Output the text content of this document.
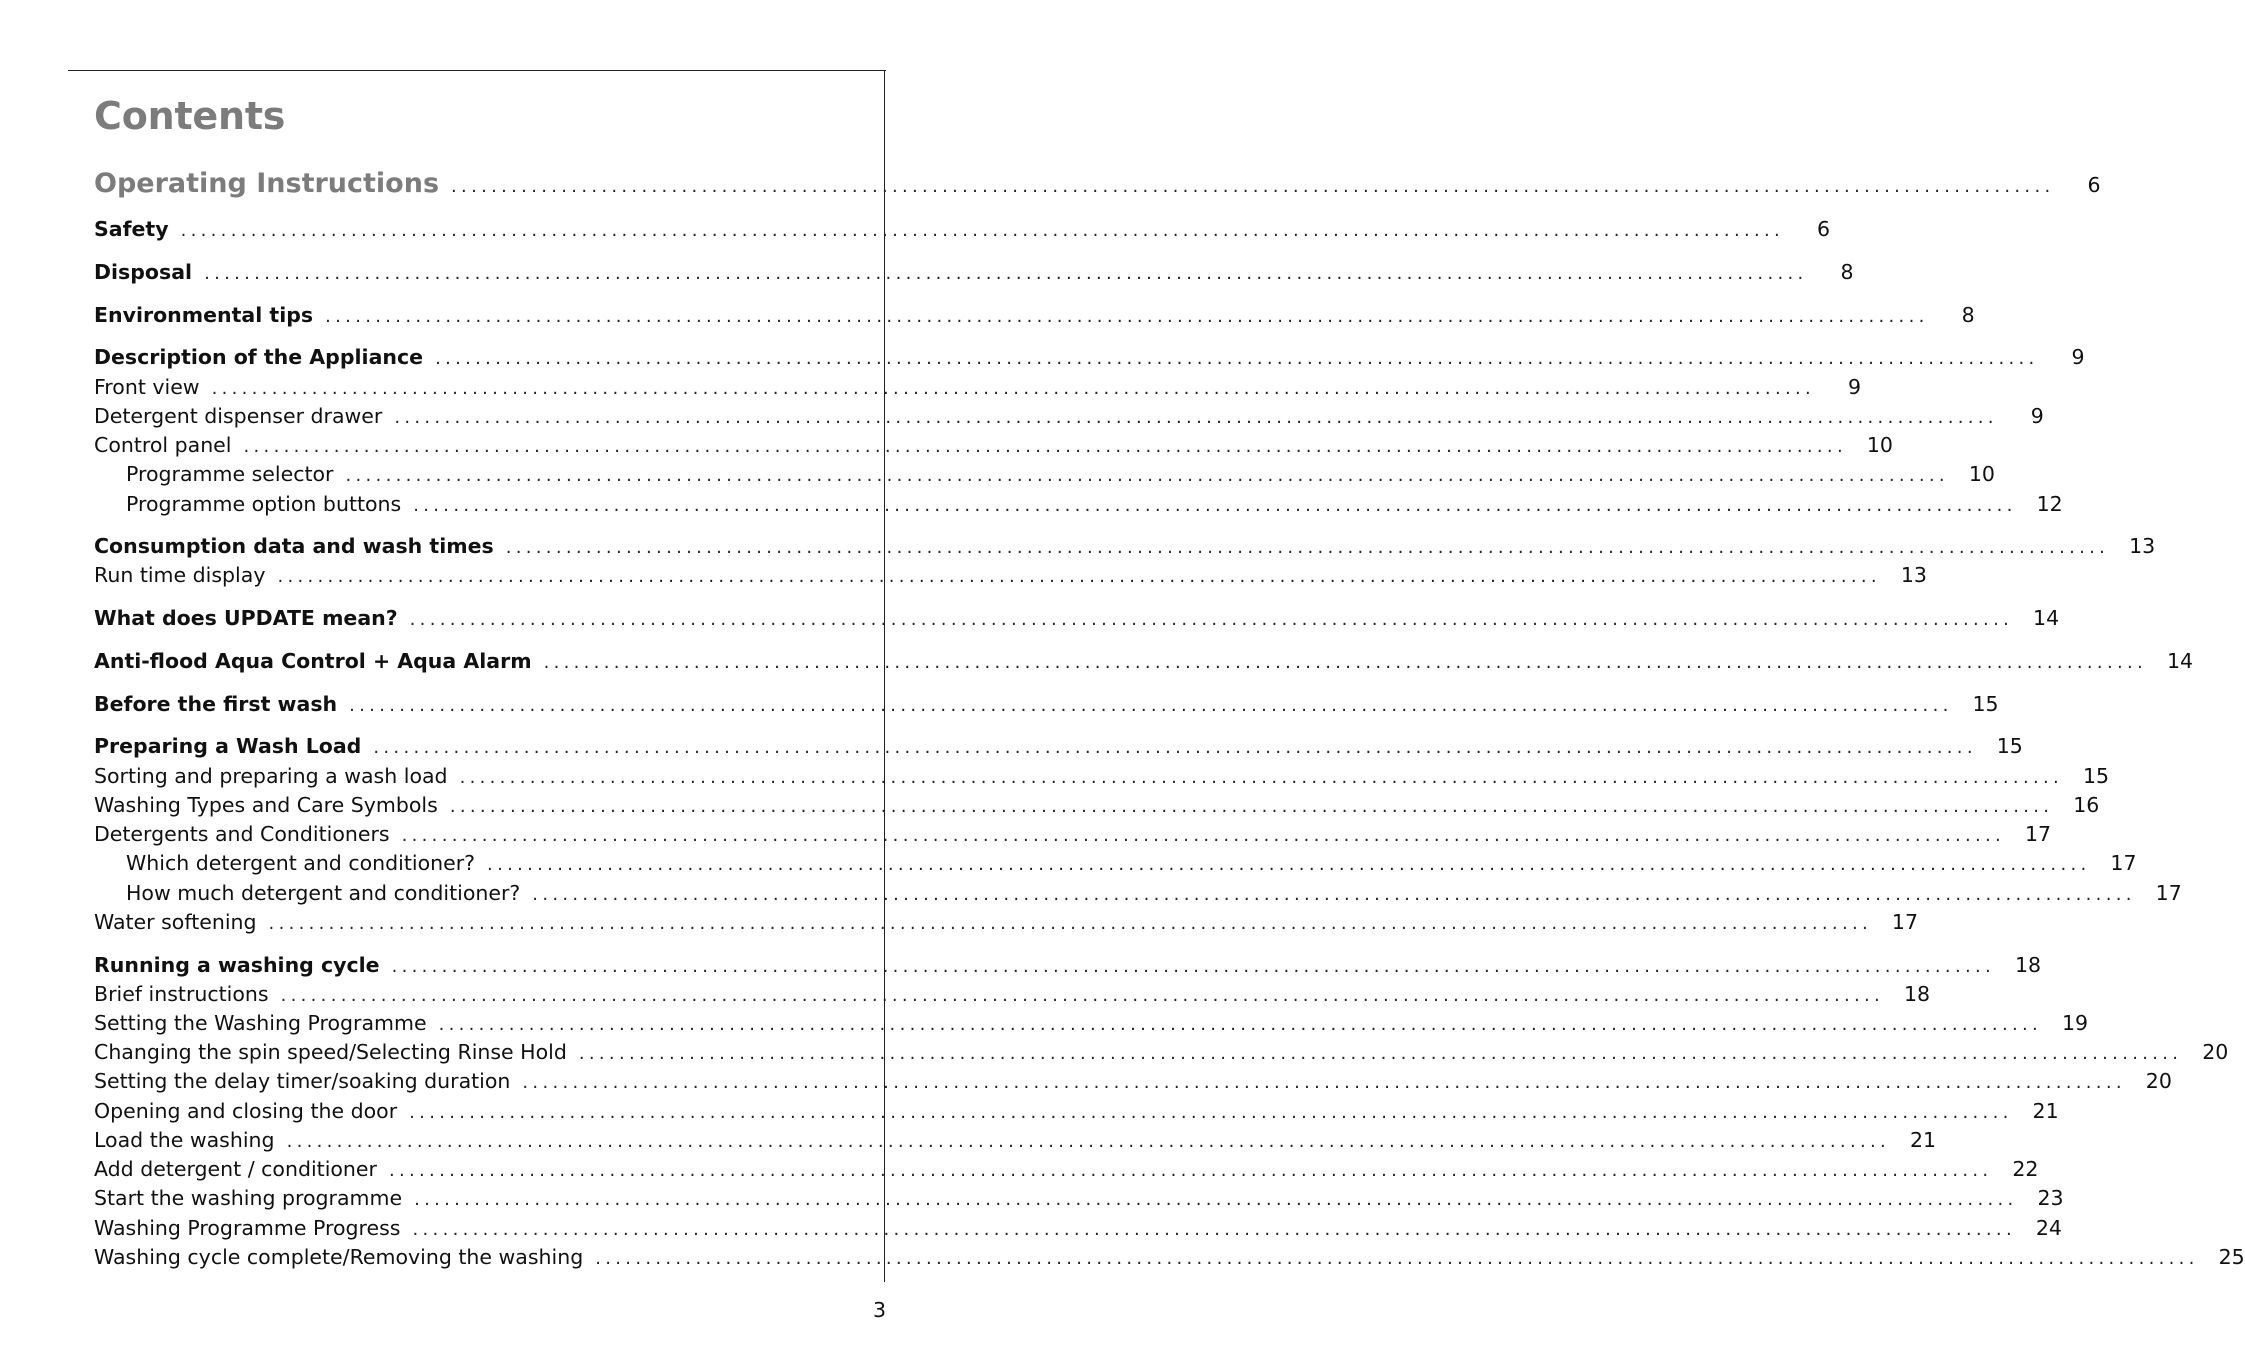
Contents
Operating Instructions ................................................................................................................................................................	6
Safety ................................................................................................................................................................	6
Disposal ................................................................................................................................................................	8
Environmental tips ................................................................................................................................................................	8
Description of the Appliance ................................................................................................................................................................	9
Front view ................................................................................................................................................................	9
Detergent dispenser drawer ................................................................................................................................................................	9
Control panel ................................................................................................................................................................ 10
Programme selector ................................................................................................................................................................ 10
Programme option buttons ................................................................................................................................................................ 12
Consumption data and wash times ................................................................................................................................................................ 13
Run time display ................................................................................................................................................................ 13
What does UPDATE mean? ................................................................................................................................................................ 14
Anti-flood Aqua Control + Aqua Alarm ................................................................................................................................................................ 14
Before the first wash ................................................................................................................................................................ 15
Preparing a Wash Load ................................................................................................................................................................ 15
Sorting and preparing a wash load ................................................................................................................................................................ 15
Washing Types and Care Symbols ................................................................................................................................................................ 16
Detergents and Conditioners ................................................................................................................................................................ 17
Which detergent and conditioner? ................................................................................................................................................................ 17
How much detergent and conditioner? ................................................................................................................................................................ 17
Water softening ................................................................................................................................................................ 17
Running a washing cycle ................................................................................................................................................................ 18
Brief instructions ................................................................................................................................................................ 18
Setting the Washing Programme ................................................................................................................................................................ 19
Changing the spin speed/Selecting Rinse Hold ................................................................................................................................................................ 20
Setting the delay timer/soaking duration ................................................................................................................................................................ 20
Opening and closing the door ................................................................................................................................................................ 21
Load the washing ................................................................................................................................................................ 21
Add detergent / conditioner ................................................................................................................................................................ 22
Start the washing programme ................................................................................................................................................................ 23
Washing Programme Progress ................................................................................................................................................................ 24
Washing cycle complete/Removing the washing ................................................................................................................................................................ 25
3
